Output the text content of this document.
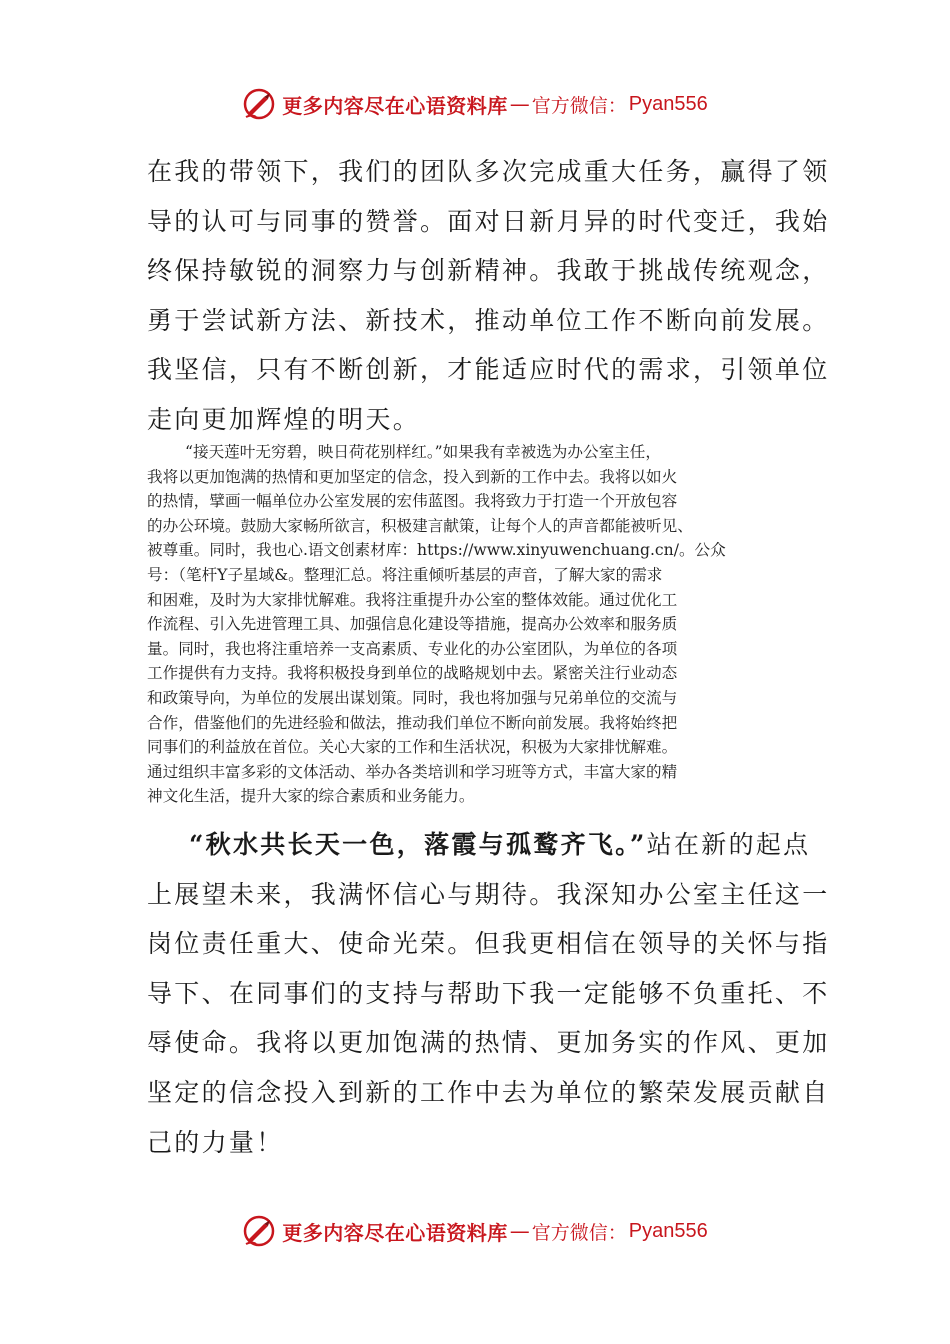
更多内容尽在心语资料库 — 官方微信： Pyan556
在我的带领下，我们的团队多次完成重大任务，赢得了领
导的认可与同事的赞誉。面对日新月异的时代变迁，我始
终保持敏锐的洞察力与创新精神。我敢于挑战传统观念，
勇于尝试新方法、新技术，推动单位工作不断向前发展。
我坚信，只有不断创新，才能适应时代的需求，引领单位
走向更加辉煌的明天。
“接天莲叶无穷碧，映日荷花别样红。”如果我有幸被选为办公室主任，
我将以更加饱满的热情和更加坚定的信念，投入到新的工作中去。我将以如火
的热情，擘画一幅单位办公室发展的宏伟蓝图。我将致力于打造一个开放包容
的办公环境。鼓励大家畅所欲言，积极建言献策，让每个人的声音都能被听见、
被尊重。同时，我也心.语文创素材库：https://www.xinyuwenchuang.cn/。公众
号：（笔杆Y子星域&。整理汇总。将注重倾听基层的声音，了解大家的需求
和困难，及时为大家排忧解难。我将注重提升办公室的整体效能。通过优化工
作流程、引入先进管理工具、加强信息化建设等措施，提高办公效率和服务质
量。同时，我也将注重培养一支高素质、专业化的办公室团队，为单位的各项
工作提供有力支持。我将积极投身到单位的战略规划中去。紧密关注行业动态
和政策导向，为单位的发展出谋划策。同时，我也将加强与兄弟单位的交流与
合作，借鉴他们的先进经验和做法，推动我们单位不断向前发展。我将始终把
同事们的利益放在首位。关心大家的工作和生活状况，积极为大家排忧解难。
通过组织丰富多彩的文体活动、举办各类培训和学习班等方式，丰富大家的精
神文化生活，提升大家的综合素质和业务能力。
“秋水共长天一色，落霞与孤鹜齐飞。”站在新的起点
上展望未来，我满怀信心与期待。我深知办公室主任这一
岗位责任重大、使命光荣。但我更相信在领导的关怀与指
导下、在同事们的支持与帮助下我一定能够不负重托、不
辱使命。我将以更加饱满的热情、更加务实的作风、更加
坚定的信念投入到新的工作中去为单位的繁荣发展贡献自
己的力量！
更多内容尽在心语资料库 — 官方微信： Pyan556
